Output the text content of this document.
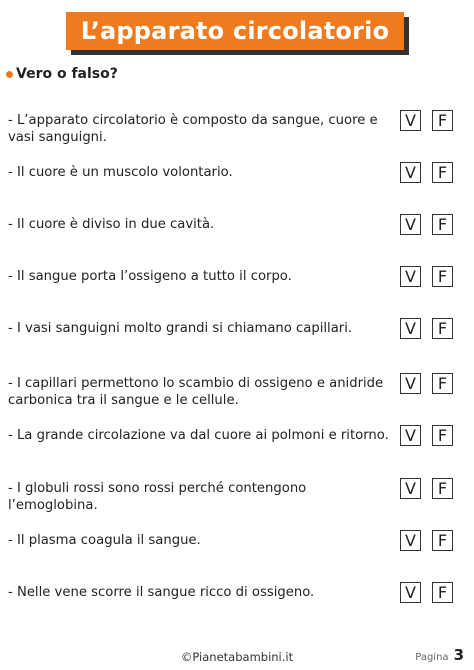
L’apparato circolatorio
Vero o falso?
- L’apparato circolatorio è composto da sangue, cuore e vasi sanguigni.
V	F
- Il cuore è un muscolo volontario.	V	F
- Il cuore è diviso in due cavità.	V	F
- Il sangue porta l’ossigeno a tutto il corpo.	V	F
- I vasi sanguigni molto grandi si chiamano capillari.	V	F
- I capillari permettono lo scambio di ossigeno e anidride carbonica tra il sangue e le cellule.
V	F
- La grande circolazione va dal cuore ai polmoni e ritorno.	V	F
- I globuli rossi sono rossi perché contengono l’emoglobina.
V	F
- Il plasma coagula il sangue.	V	F
- Nelle vene scorre il sangue ricco di ossigeno.	V	F
©Pianetabambini.it	Pagina 3
